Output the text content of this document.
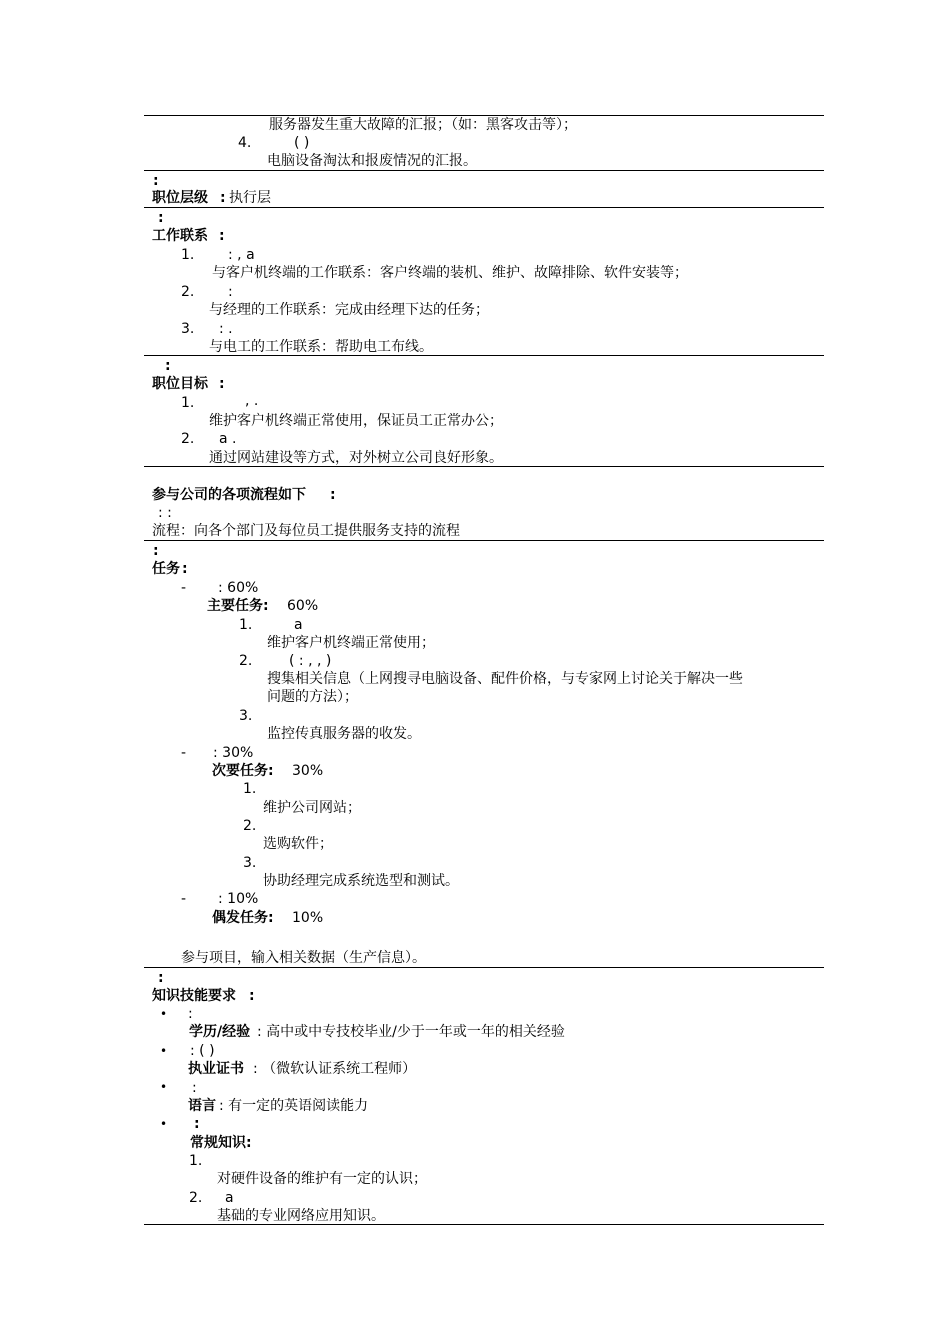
服务器发生重大故障的汇报；（如：黑客攻击等）；
4.	( )
电脑设备淘汰和报废情况的汇报。
:
职位层级 : 执行层
:
工作联系 :
1. : , a
与客户机终端的工作联系：客户终端的装机、维护、故障排除、软件安装等；
2. :
与经理的工作联系：完成由经理下达的任务；
3. : .
与电工的工作联系：帮助电工布线。
:
职位目标 :
1.	, .
维护客户机终端正常使用，保证员工正常办公；
2. a .
通过网站建设等方式，对外树立公司良好形象。
参与公司的各项流程如下 :
: :
流程：向各个部门及每位员工提供服务支持的流程
:
任务 :
- : 60%
主要任务: 60%
1.	a
维护客户机终端正常使用；
2.	( : , , )
搜集相关信息（上网搜寻电脑设备、配件价格，与专家网上讨论关于解决一些
问题的方法）；
3.
监控传真服务器的收发。
- : 30%
次要任务: 30%
1.
维护公司网站；
2.
选购软件；
3.
协助经理完成系统选型和测试。
- : 10%
偶发任务: 10%
参与项目，输入相关数据（生产信息）。
:
知识技能要求 :
• :
学历/经验 : 高中或中专技校毕业/少于一年或一年的相关经验
• : ( )
执业证书 : （微软认证系统工程师）
• :
语言 : 有一定的英语阅读能力
• :
常规知识:
1.
对硬件设备的维护有一定的认识；
2. a
基础的专业网络应用知识。
